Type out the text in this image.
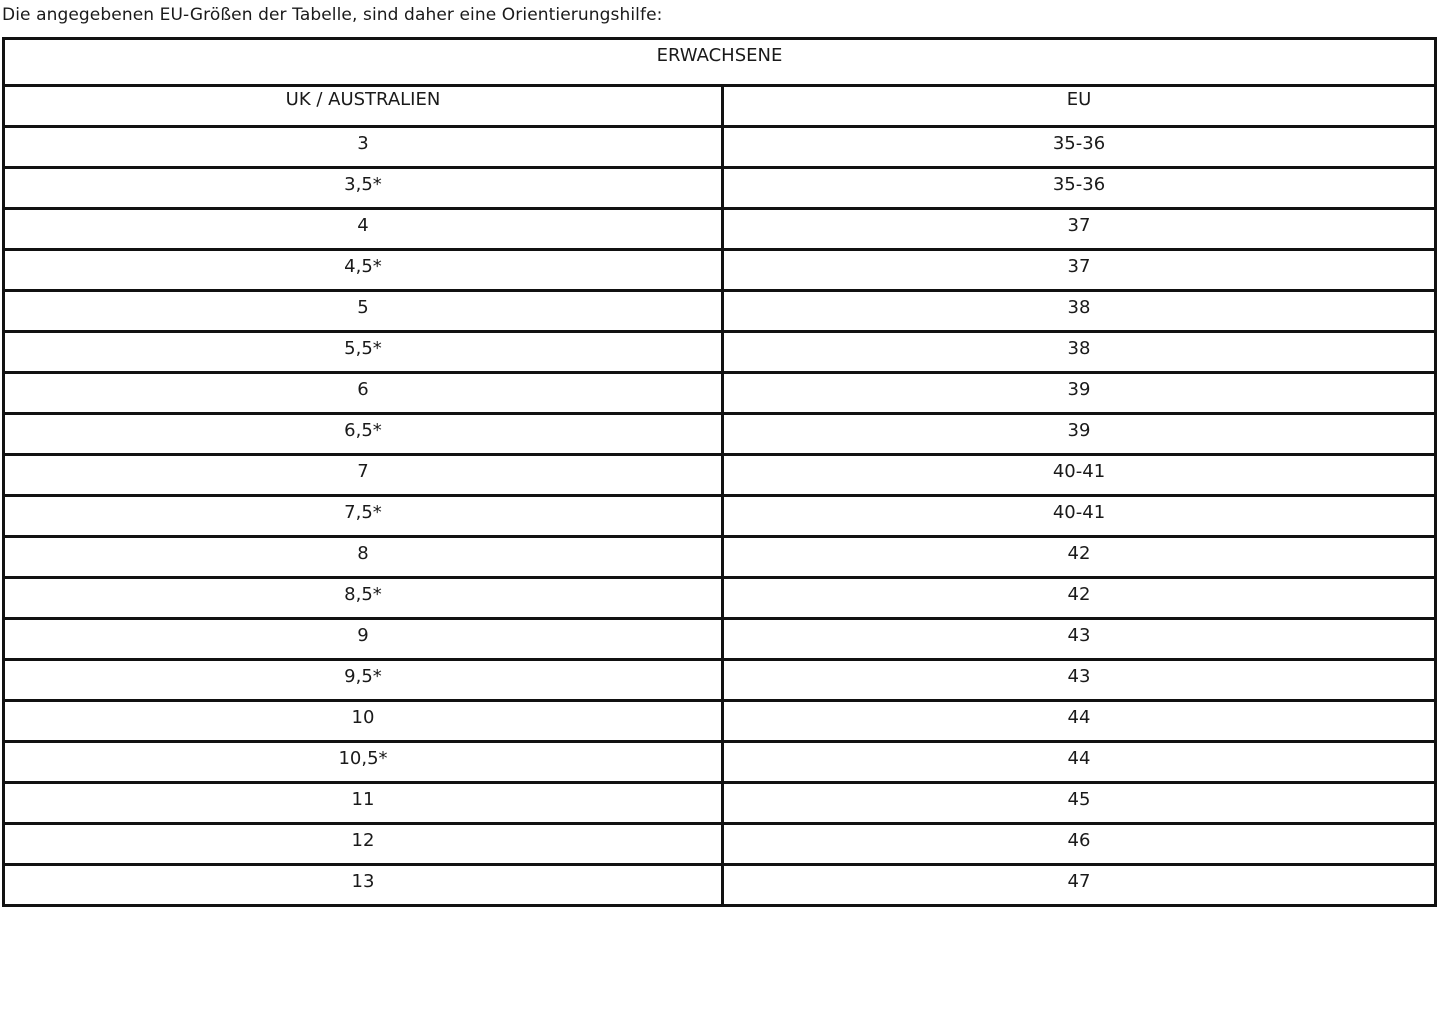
Die angegebenen EU-Größen der Tabelle, sind daher eine Orientierungshilfe:
ERWACHSENE	
UK / AUSTRALIEN	EU
3	35-36
3,5*	35-36
4	37
4,5*	37
5	38
5,5*	38
6	39
6,5*	39
7	40-41
7,5*	40-41
8	42
8,5*	42
9	43
9,5*	43
10	44
10,5*	44
11	45
12	46
13	47
